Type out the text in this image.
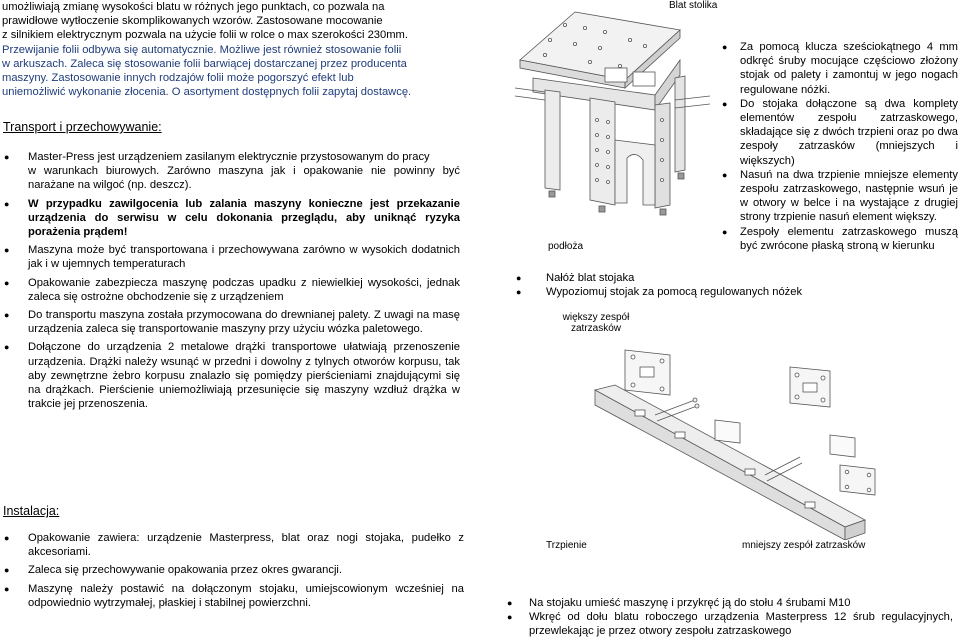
umożliwiają zmianę wysokości blatu w różnych jego punktach, co pozwala na
prawidłowe wytłoczenie skomplikowanych wzorów. Zastosowane mocowanie
z silnikiem elektrycznym pozwala na użycie folii w rolce o max szerokości 230mm.
Przewijanie folii odbywa się automatycznie. Możliwe jest również stosowanie folii
w arkuszach. Zaleca się stosowanie folii barwiącej dostarczanej przez producenta
maszyny. Zastosowanie innych rodzajów folii może pogorszyć efekt lub
uniemożliwić wykonanie złocenia. O asortyment dostępnych folii zapytaj dostawcę.
Transport i przechowywanie:
● Master-Press jest urządzeniem zasilanym elektrycznie przystosowanym do pracy
w warunkach biurowych. Zarówno maszyna jak i opakowanie nie powinny być narażane na wilgoć (np. deszcz).
● W przypadku zawilgocenia lub zalania maszyny konieczne jest przekazanie urządzenia do serwisu w celu dokonania przeglądu, aby uniknąć ryzyka porażenia prądem!
● Maszyna może być transportowana i przechowywana zarówno w wysokich dodatnich jak i w ujemnych temperaturach
● Opakowanie zabezpiecza maszynę podczas upadku z niewielkiej wysokości, jednak zaleca się ostrożne obchodzenie się z urządzeniem
● Do transportu maszyna została przymocowana do drewnianej palety. Z uwagi na masę urządzenia zaleca się transportowanie maszyny przy użyciu wózka paletowego.
● Dołączone do urządzenia 2 metalowe drążki transportowe ułatwiają przenoszenie urządzenia. Drążki należy wsunąć w przedni i dowolny z tylnych otworów korpusu, tak aby zewnętrzne żebro korpusu znalazło się pomiędzy pierścieniami znajdującymi się na drążkach. Pierścienie uniemożliwiają przesunięcie się maszyny wzdłuż drążka w trakcie jej przenoszenia.
Instalacja:
● Opakowanie zawiera: urządzenie Masterpress, blat oraz nogi stojaka, pudełko z akcesoriami.
● Zaleca się przechowywanie opakowania przez okres gwarancji.
● Maszynę należy postawić na dołączonym stojaku, umiejscowionym wcześniej na odpowiednio wytrzymałej, płaskiej i stabilnej powierzchni.
Blat stolika
podłoża
● Za pomocą klucza sześciokątnego 4 mm odkręć śruby mocujące częściowo złożony stojak od palety i zamontuj w jego nogach regulowane nóżki.
● Do stojaka dołączone są dwa komplety elementów zespołu zatrzaskowego, składające się z dwóch trzpieni oraz po dwa zespoły zatrzasków (mniejszych i większych)
● Nasuń na dwa trzpienie mniejsze elementy zespołu zatrzaskowego, następnie wsuń je w otwory w belce i na wystające z drugiej strony trzpienie nasuń element większy.
● Zespoły elementu zatrzaskowego muszą być zwrócone płaską stroną w kierunku
● Nałóż blat stojaka
● Wypoziomuj stojak za pomocą regulowanych nóżek
większy zespół
zatrzasków
Trzpienie	mniejszy zespół zatrzasków
● Na stojaku umieść maszynę i przykręć ją do stołu 4 śrubami M10
● Wkręć od dołu blatu roboczego urządzenia Masterpress 12 śrub regulacyjnych, przewlekając je przez otwory zespołu zatrzaskowego
